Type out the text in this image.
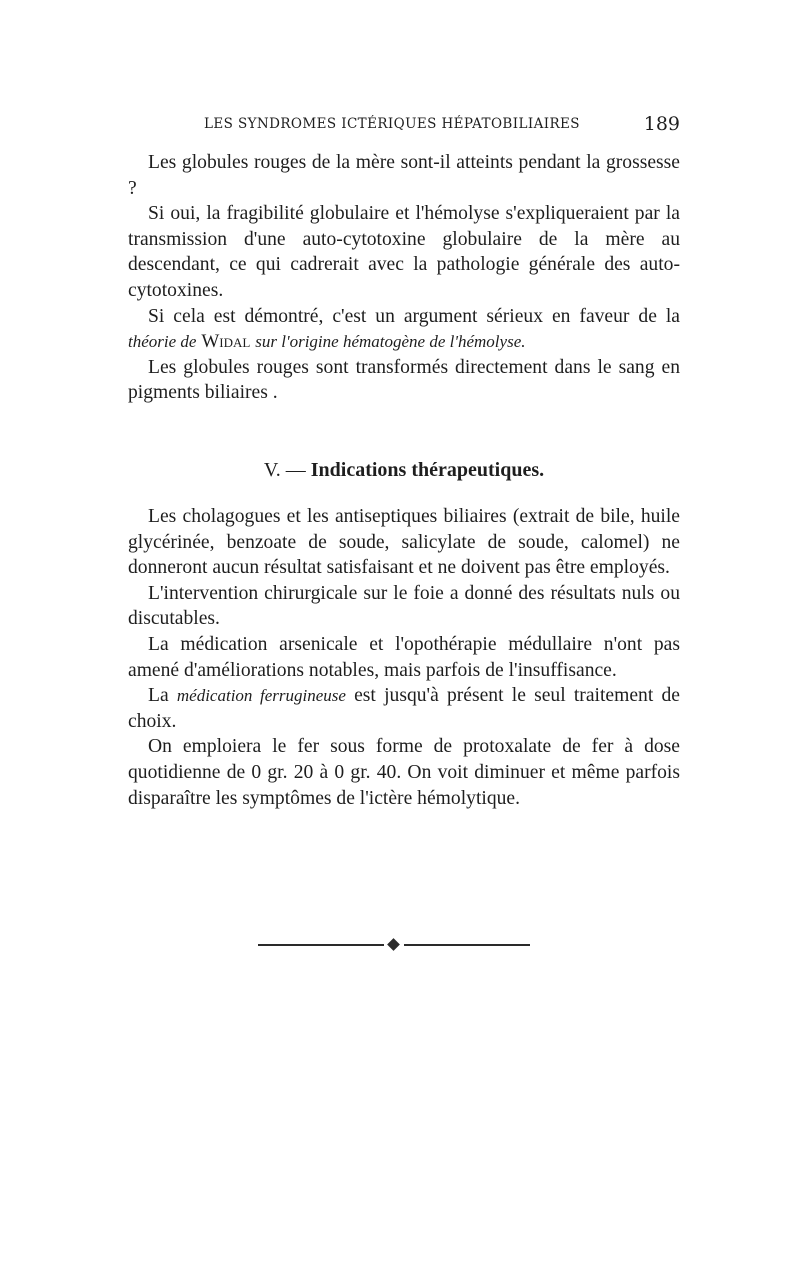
LES SYNDROMES ICTÉRIQUES HÉPATOBILIAIRES	189

Les globules rouges de la mère sont-il atteints pendant la grossesse ?

Si oui, la fragibilité globulaire et l'hémolyse s'expliqueraient par la transmission d'une auto-cytotoxine globulaire de la mère au descendant, ce qui cadrerait avec la pathologie générale des auto-cytotoxines.

Si cela est démontré, c'est un argument sérieux en faveur de la théorie de Widal sur l'origine hématogène de l'hémolyse.

Les globules rouges sont transformés directement dans le sang en pigments biliaires .

V. — Indications thérapeutiques.

Les cholagogues et les antiseptiques biliaires (extrait de bile, huile glycérinée, benzoate de soude, salicylate de soude, calomel) ne donneront aucun résultat satisfaisant et ne doivent pas être employés.

L'intervention chirurgicale sur le foie a donné des résultats nuls ou discutables.

La médication arsenicale et l'opothérapie médullaire n'ont pas amené d'améliorations notables, mais parfois de l'insuffisance.

La médication ferrugineuse est jusqu'à présent le seul traitement de choix.

On emploiera le fer sous forme de protoxalate de fer à dose quotidienne de 0 gr. 20 à 0 gr. 40. On voit diminuer et même parfois disparaître les symptômes de l'ictère hémolytique.
